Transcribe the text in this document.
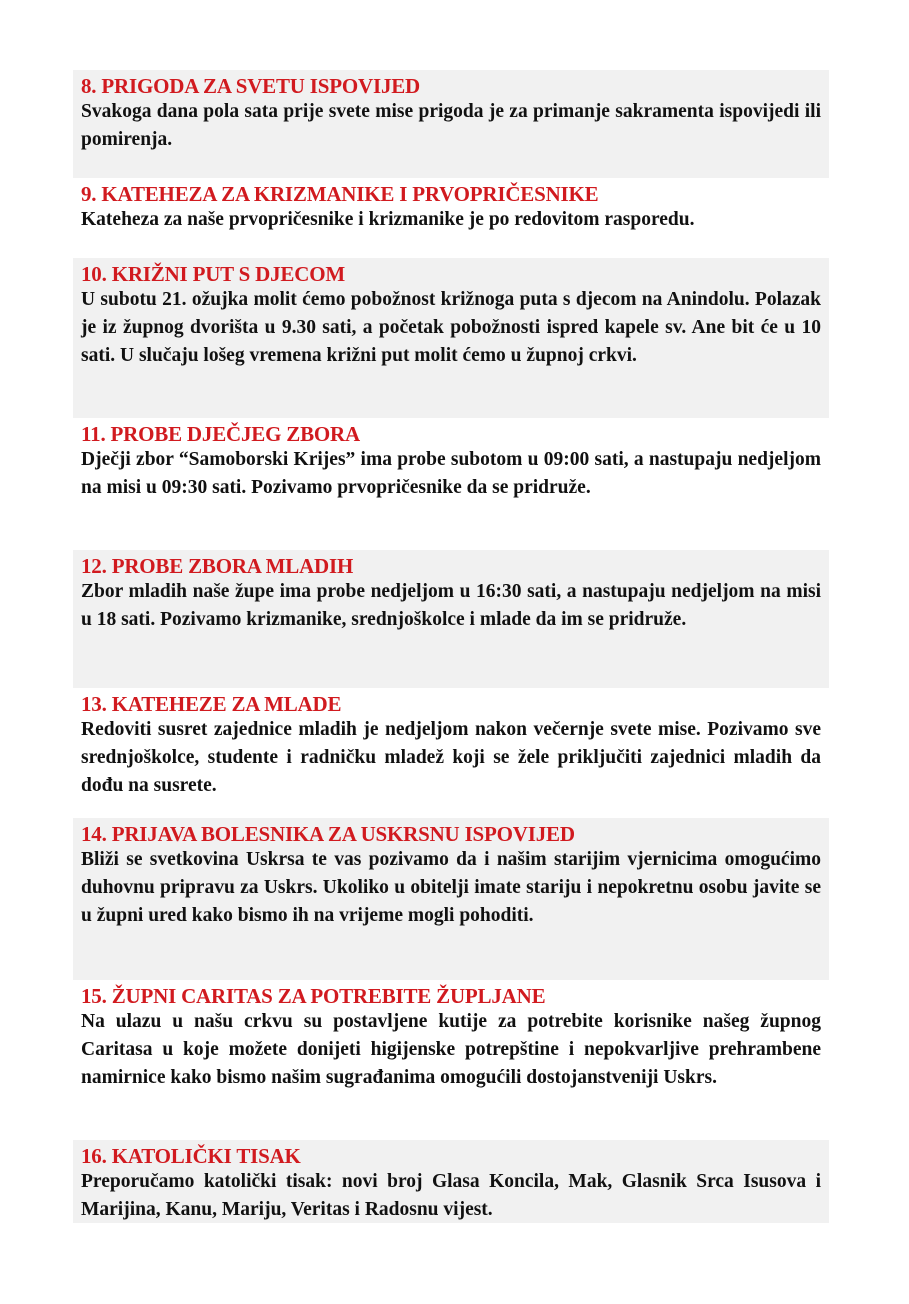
8. PRIGODA ZA SVETU ISPOVIJED
Svakoga dana pola sata prije svete mise prigoda je za primanje sakramenta ispovijedi ili pomirenja.
9. KATEHEZA ZA KRIZMANIKE I PRVOPRIČESNIKE
Kateheza za naše prvopričesnike i krizmanike je po redovitom rasporedu.
10. KRIŽNI PUT S DJECOM
U subotu 21. ožujka molit ćemo pobožnost križnoga puta s djecom na Anindolu. Polazak je iz župnog dvorišta u 9.30 sati, a početak pobožnosti ispred kapele sv. Ane bit će u 10 sati. U slučaju lošeg vremena križni put molit ćemo u župnoj crkvi.
11. PROBE DJEČJEG ZBORA
Dječji zbor “Samoborski Krijes” ima probe subotom u 09:00 sati, a nastupaju nedjeljom na misi u 09:30 sati. Pozivamo prvopričesnike da se pridruže.
12. PROBE ZBORA MLADIH
Zbor mladih naše župe ima probe nedjeljom u 16:30 sati, a nastupaju nedjeljom na misi u 18 sati. Pozivamo krizmanike, srednjoškolce i mlade da im se pridruže.
13. KATEHEZE ZA MLADE
Redoviti susret zajednice mladih je nedjeljom nakon večernje svete mise. Pozivamo sve srednjoškolce, studente i radničku mladež koji se žele priključiti zajednici mladih da dođu na susrete.
14. PRIJAVA BOLESNIKA ZA USKRSNU ISPOVIJED
Bliži se svetkovina Uskrsa te vas pozivamo da i našim starijim vjernicima omogućimo duhovnu pripravu za Uskrs. Ukoliko u obitelji imate stariju i nepokretnu osobu javite se u župni ured kako bismo ih na vrijeme mogli pohoditi.
15. ŽUPNI CARITAS ZA POTREBITE ŽUPLJANE
Na ulazu u našu crkvu su postavljene kutije za potrebite korisnike našeg župnog Caritasa u koje možete donijeti higijenske potrepštine i nepokvarljive prehrambene namirnice kako bismo našim sugrađanima omogućili dostojanstveniji Uskrs.
16. KATOLIČKI TISAK
Preporučamo katolički tisak: novi broj Glasa Koncila, Mak, Glasnik Srca Isusova i Marijina, Kanu, Mariju, Veritas i Radosnu vijest.
